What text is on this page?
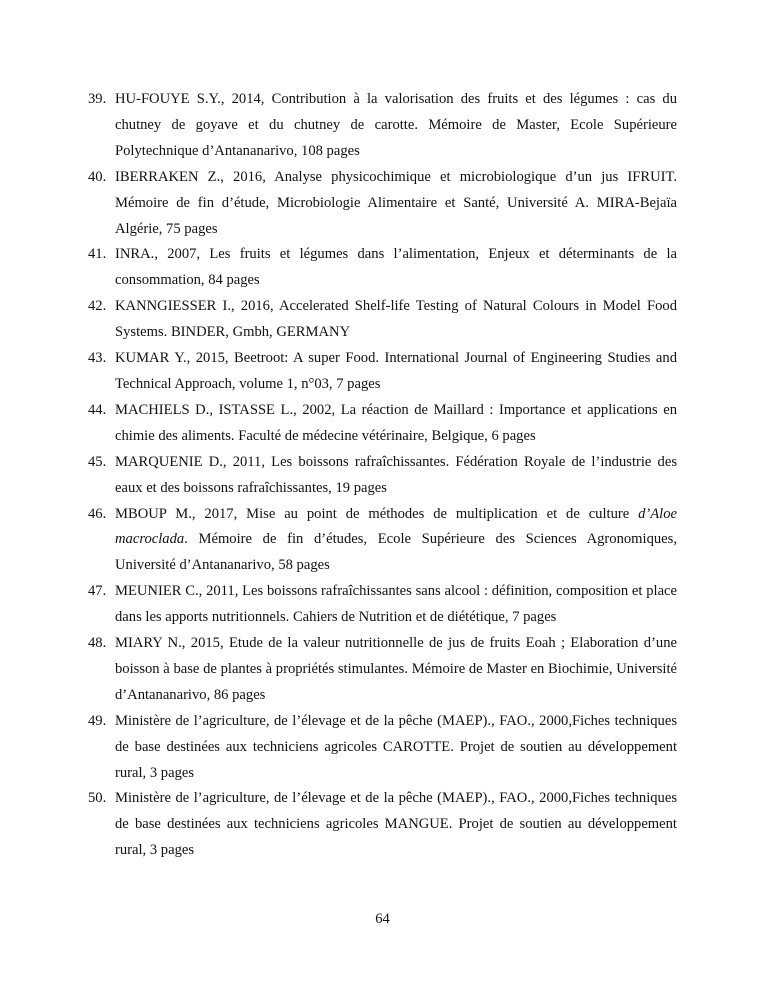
39. HU-FOUYE S.Y., 2014, Contribution à la valorisation des fruits et des légumes : cas du chutney de goyave et du chutney de carotte. Mémoire de Master, Ecole Supérieure Polytechnique d’Antananarivo, 108 pages
40. IBERRAKEN Z., 2016, Analyse physicochimique et microbiologique d’un jus IFRUIT. Mémoire de fin d’étude, Microbiologie Alimentaire et Santé, Université A. MIRA-Bejaïa Algérie, 75 pages
41. INRA., 2007, Les fruits et légumes dans l’alimentation, Enjeux et déterminants de la consommation, 84 pages
42. KANNGIESSER I., 2016, Accelerated Shelf-life Testing of Natural Colours in Model Food Systems. BINDER, Gmbh, GERMANY
43. KUMAR Y., 2015, Beetroot: A super Food. International Journal of Engineering Studies and Technical Approach, volume 1, n°03, 7 pages
44. MACHIELS D., ISTASSE L., 2002, La réaction de Maillard : Importance et applications en chimie des aliments. Faculté de médecine vétérinaire, Belgique, 6 pages
45. MARQUENIE D., 2011, Les boissons rafraîchissantes. Fédération Royale de l’industrie des eaux et des boissons rafraîchissantes, 19 pages
46. MBOUP M., 2017, Mise au point de méthodes de multiplication et de culture d’Aloe macroclada. Mémoire de fin d’études, Ecole Supérieure des Sciences Agronomiques, Université d’Antananarivo, 58 pages
47. MEUNIER C., 2011, Les boissons rafraîchissantes sans alcool : définition, composition et place dans les apports nutritionnels. Cahiers de Nutrition et de diététique, 7 pages
48. MIARY N., 2015, Etude de la valeur nutritionnelle de jus de fruits Eoah ; Elaboration d’une boisson à base de plantes à propriétés stimulantes. Mémoire de Master en Biochimie, Université d’Antananarivo, 86 pages
49. Ministère de l’agriculture, de l’élevage et de la pêche (MAEP)., FAO., 2000,Fiches techniques de base destinées aux techniciens agricoles CAROTTE. Projet de soutien au développement rural, 3 pages
50. Ministère de l’agriculture, de l’élevage et de la pêche (MAEP)., FAO., 2000,Fiches techniques de base destinées aux techniciens agricoles MANGUE. Projet de soutien au développement rural, 3 pages
64
